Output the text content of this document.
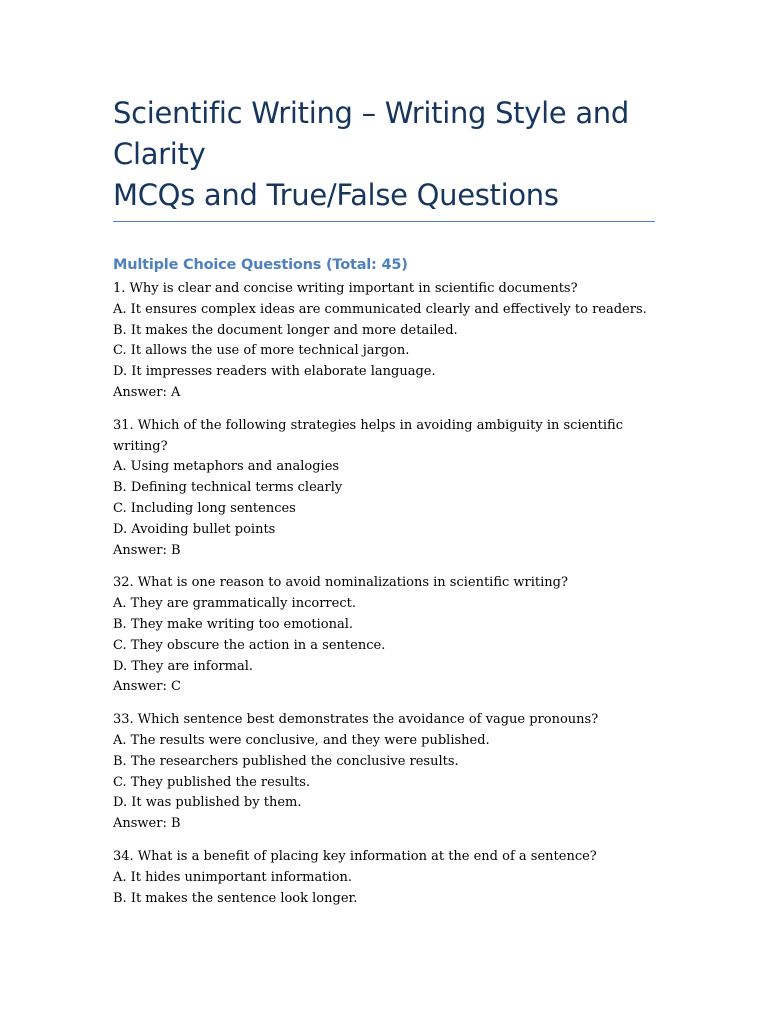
Scientific Writing – Writing Style and
Clarity
MCQs and True/False Questions
Multiple Choice Questions (Total: 45)
1. Why is clear and concise writing important in scientific documents?
A. It ensures complex ideas are communicated clearly and effectively to readers.
B. It makes the document longer and more detailed.
C. It allows the use of more technical jargon.
D. It impresses readers with elaborate language.
Answer: A
31. Which of the following strategies helps in avoiding ambiguity in scientific writing?
A. Using metaphors and analogies
B. Defining technical terms clearly
C. Including long sentences
D. Avoiding bullet points
Answer: B
32. What is one reason to avoid nominalizations in scientific writing?
A. They are grammatically incorrect.
B. They make writing too emotional.
C. They obscure the action in a sentence.
D. They are informal.
Answer: C
33. Which sentence best demonstrates the avoidance of vague pronouns?
A. The results were conclusive, and they were published.
B. The researchers published the conclusive results.
C. They published the results.
D. It was published by them.
Answer: B
34. What is a benefit of placing key information at the end of a sentence?
A. It hides unimportant information.
B. It makes the sentence look longer.
